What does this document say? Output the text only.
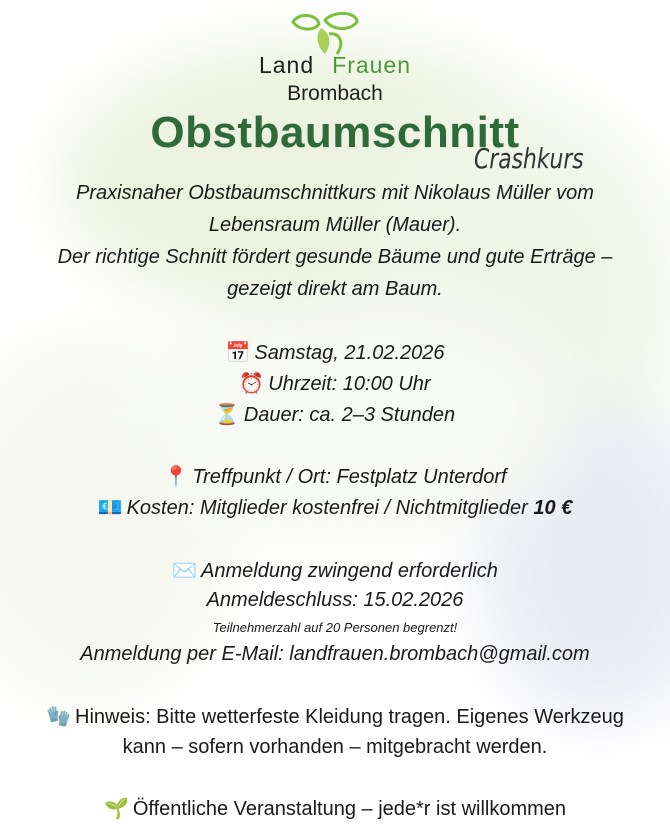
Land Frauen
Brombach
Obstbaumschnitt
Crashkurs
Praxisnaher Obstbaumschnittkurs mit Nikolaus Müller vom
Lebensraum Müller (Mauer).
Der richtige Schnitt fördert gesunde Bäume und gute Erträge –
gezeigt direkt am Baum.
📅 Samstag, 21.02.2026
⏰ Uhrzeit: 10:00 Uhr
⏳ Dauer: ca. 2–3 Stunden
📍 Treffpunkt / Ort: Festplatz Unterdorf
💶 Kosten: Mitglieder kostenfrei / Nichtmitglieder 10 €
✉️ Anmeldung zwingend erforderlich
Anmeldeschluss: 15.02.2026
Teilnehmerzahl auf 20 Personen begrenzt!
Anmeldung per E-Mail: landfrauen.brombach@gmail.com
🧤 Hinweis: Bitte wetterfeste Kleidung tragen. Eigenes Werkzeug
kann – sofern vorhanden – mitgebracht werden.
🌱 Öffentliche Veranstaltung – jede*r ist willkommen
